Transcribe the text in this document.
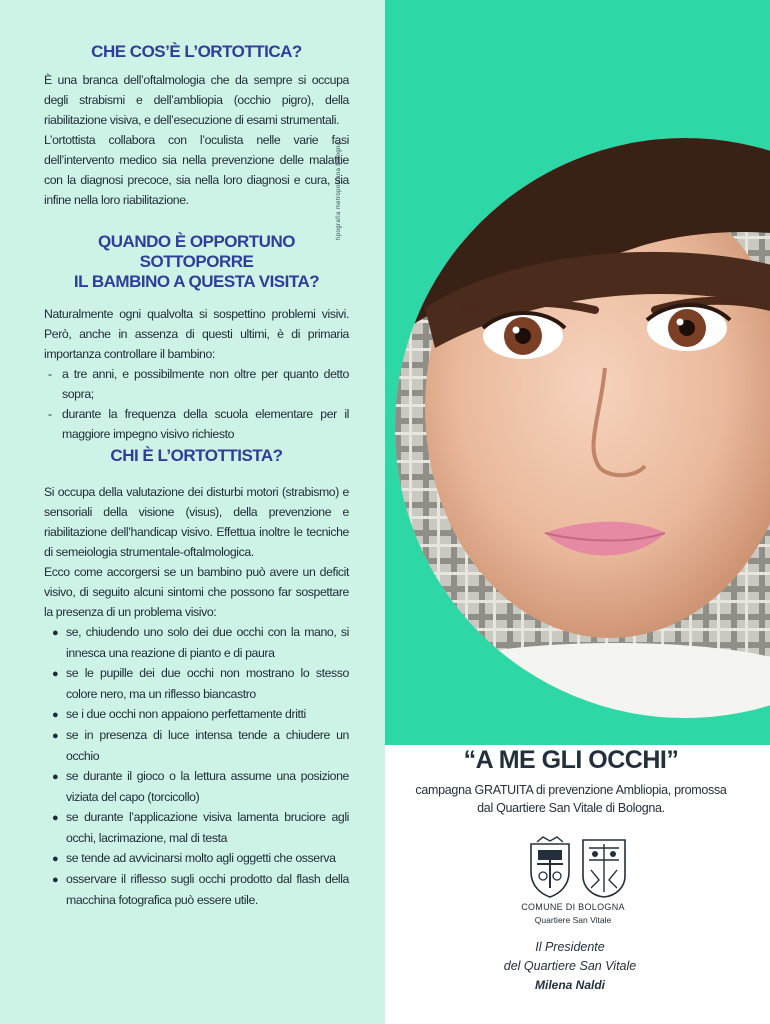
tipografia metropolitana bologna
CHE COS’È L’ORTOTTICA?

È una branca dell’oftalmologia che da sempre si occupa degli strabismi e dell’ambliopia (occhio pigro), della riabilitazione visiva, e dell’esecuzione di esami strumentali.

L’ortottista collabora con l’oculista nelle varie fasi dell’intervento medico sia nella prevenzione delle malattie con la diagnosi precoce, sia nella loro diagnosi e cura, sia infine nella loro riabilitazione.

QUANDO È OPPORTUNO SOTTOPORRE
IL BAMBINO A QUESTA VISITA?

Naturalmente ogni qualvolta si sospettino problemi visivi. Però, anche in assenza di questi ultimi, è di primaria importanza controllare il bambino:

- a tre anni, e possibilmente non oltre per quanto detto sopra;
- durante la frequenza della scuola elementare per il maggiore impegno visivo richiesto
CHI È L’ORTOTTISTA?

Si occupa della valutazione dei disturbi motori (strabismo) e sensoriali della visione (visus), della prevenzione e riabilitazione dell’handicap visivo. Effettua inoltre le tecniche di semeiologia strumentale-oftalmologica.

Ecco come accorgersi se un bambino può avere un deficit visivo, di seguito alcuni sintomi che possono far sospettare la presenza di un problema visivo:

● se, chiudendo uno solo dei due occhi con la mano, si innesca una reazione di pianto e di paura
● se le pupille dei due occhi non mostrano lo stesso colore nero, ma un riflesso biancastro
● se i due occhi non appaiono perfettamente dritti
● se in presenza di luce intensa tende a chiudere un occhio
● se durante il gioco o la lettura assume una posizione viziata del capo (torcicollo)
● se durante l’applicazione visiva lamenta bruciore agli occhi, lacrimazione, mal di testa
● se tende ad avvicinarsi molto agli oggetti che osserva
● osservare il riflesso sugli occhi prodotto dal flash della macchina fotografica può essere utile.
“A ME GLI OCCHI”
campagna GRATUITA di prevenzione Ambliopia, promossa
dal Quartiere San Vitale di Bologna.
COMUNE DI BOLOGNA
Quartiere San Vitale
Il Presidente
del Quartiere San Vitale
Milena Naldi
